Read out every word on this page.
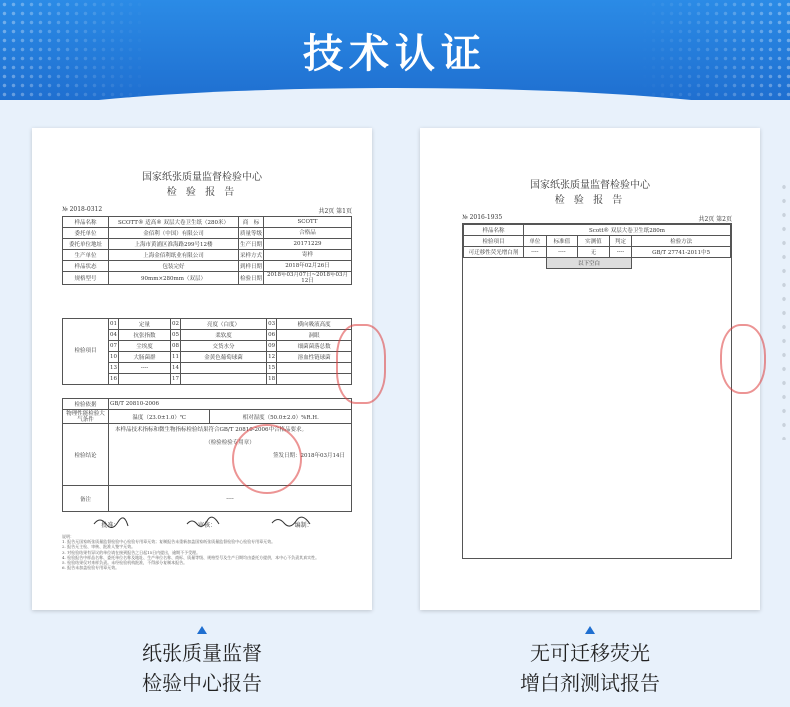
技术认证
国家纸张质量监督检验中心
检 验 报 告
№ 2018-0312	共2页 第1页
样品名称	SCOTT® 适高® 双层大卷卫生纸（280米）	商　标	SCOTT
委托单位	金佰利（中国）有限公司	质量等级	合格品
委托单位地址	上海市黄浦区淮海路299号12楼	生产日期	20171229
生产单位	上海金佰利纸业有限公司	采样方式	寄样
样品状态	包装完好	到样日期	2018年02月26日
规格型号	90mm×280mm（双层）	检验日期	2018年03月07日~2018年03月12日
检验项目	01	定量	02	亮度（白度）	03	横向吸液高度
	04	抗张指数	05	柔软度	06	洞眼
	07	尘埃度	08	交货水分	09	细菌菌落总数
	10	大肠菌群	11	金黄色葡萄球菌	12	溶血性链球菌
	13	----	14		15	
	16		17		18	
检验依据	GB/T 20810-2006	
物理性能检验大气条件	温度（23.0±1.0）℃	相对湿度（50.0±2.0）%R.H.
检验结论	本样品技术指标和微生物指标检验结果符合GB/T 20810-2006中合格品要求。
（检验检验专用章）
签发日期：2018年03月14日	

备注	----	
批准：	审核：	编制：
说明：
1. 报告无国家纸张质量监督检验中心检验专用章无效；复制报告未重新加盖国家纸张质量监督检验中心检验专用章无效。
2. 报告无主检、审核、批准人签字无效。
3. 对检验结果有异议的单位请在接到报告之日起15日内提出，逾期不予受理。
4. 检验报告中样品名称、委托单位名称及地址、生产单位名称、商标、质量等级、规格型号及生产日期均由委托方提供，本中心不负责其真实性。
5. 检验结果仅对来样负责。未经检验机构批准，不得部分复制本报告。
6. 报告未加盖检验专用章无效。
国家纸张质量监督检验中心
检 验 报 告
№ 2016-1935	共2页 第2页
样品名称	Scott® 双层大卷卫生纸280m				
检验项目	单位	标准值	实测值	判定	检验方法
可迁移性荧光增白剂	----	----	无	----	GB/T 27741-2011中5
		以下空白			
纸张质量监督
检验中心报告
无可迁移荧光
增白剂测试报告
